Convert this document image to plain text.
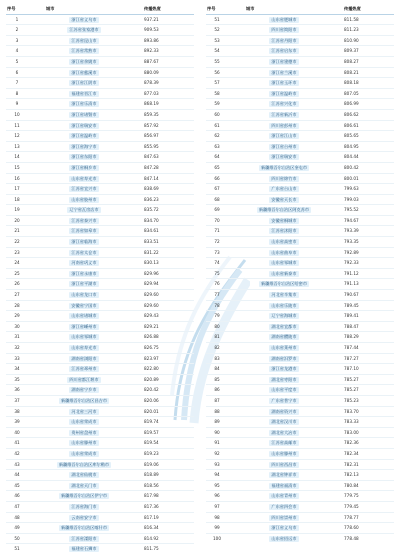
序号	城市	传播热度
1	浙江省义乌市	937.21
2	江苏省张家港市	909.53
3	江苏省昆山市	893.86
4	江苏省常熟市	892.33
5	浙江省余姚市	887.67
6	浙江省慈溪市	880.09
7	浙江省江阴市	878.39
8	福建省晋江市	877.03
9	浙江省乐清市	868.19
10	浙江省诸暨市	859.35
11	浙江省瑞安市	857.92
12	浙江省温岭市	856.97
13	浙江省海宁市	855.95
14	浙江省东阳市	847.63
15	浙江省桐乡市	847.28
16	山东省寿光市	847.14
17	江苏省宜兴市	838.69
18	山东省胶州市	836.23
19	辽宁省瓦房店市	835.72
20	江苏省泰兴市	834.70
21	江苏省如皋市	834.61
22	浙江省临海市	833.51
23	江苏省太仓市	831.22
24	河南省巩义市	830.13
25	浙江省永康市	829.96
26	浙江省平湖市	829.94
27	山东省龙口市	829.60
28	安徽省宁国市	829.60
29	山东省诸城市	829.43
30	浙江省嵊州市	829.21
31	山东省邹城市	826.88
32	山东省寿光市	826.75
33	湖南省浏阳市	823.97
34	江苏省邳州市	822.80
35	四川省都江堰市	820.89
36	湖南省宁乡市	820.42
37	新疆维吾尔自治区昌吉市	820.06
38	河北省三河市	820.01
39	山东省荣成市	819.74
40	贵州省盘州市	819.57
41	山东省滕州市	819.54
42	山东省荣成市	819.23
43	新疆维吾尔自治区库尔勒市	819.06
44	湖北省仙桃市	818.89
45	湖北省天门市	818.56
46	新疆维吾尔自治区伊宁市	817.98
47	江苏省海门市	817.36
48	云南省安宁市	817.19
49	新疆维吾尔自治区喀什市	816.34
50	江苏省溧阳市	814.92
51	福建省石狮市	811.75
序号	城市	传播热度
51	山东省肥城市	811.58
52	四川省简阳市	811.23
53	江苏省丹阳市	810.90
54	江苏省启东市	809.37
55	浙江省建德市	808.27
56	浙江省兰溪市	808.21
57	浙江省玉环市	808.18
58	浙江省温岭市	807.05
59	江苏省兴化市	806.99
60	江苏省新沂市	806.62
61	四川省彭州市	806.61
62	浙江省江山市	805.65
63	浙江省台州市	804.95
64	浙江省瑞安市	804.44
65	新疆维吾尔自治区奎屯市	800.42
66	四川省绵竹市	800.01
67	广东省台山市	799.63
68	安徽省天长市	799.03
69	新疆维吾尔自治区阿克苏市	795.52
70	安徽省桐城市	794.67
71	江苏省沭阳市	793.39
72	山东省高密市	793.35
73	山东省曲阜市	792.89
74	山东省邹城市	792.33
75	山东省新泰市	791.12
76	新疆维吾尔自治区哈密市	791.13
77	河北省辛集市	790.67
78	山东省乐陵市	789.45
79	辽宁省海城市	789.41
80	湖北省宜都市	788.47
81	湖南省醴陵市	788.29
82	山东省莱州市	787.44
83	湖南省汨罗市	787.27
84	浙江省龙港市	787.10
85	湖北省枣阳市	785.27
86	山东省平度市	785.27
87	广东省普宁市	785.23
88	湖南省资兴市	783.70
89	湖北省汉川市	783.33
90	湖北省大冶市	783.00
91	江苏省高邮市	782.36
92	山东省滕州市	782.34
93	四川省西昌市	782.31
94	湖北省钟祥市	782.13
95	福建省福清市	780.84
96	山东省青州市	779.75
97	广东省四会市	779.45
98	四川省崇州市	778.77
99	浙江省义乌市	778.60
100	山东省招远市	778.48
